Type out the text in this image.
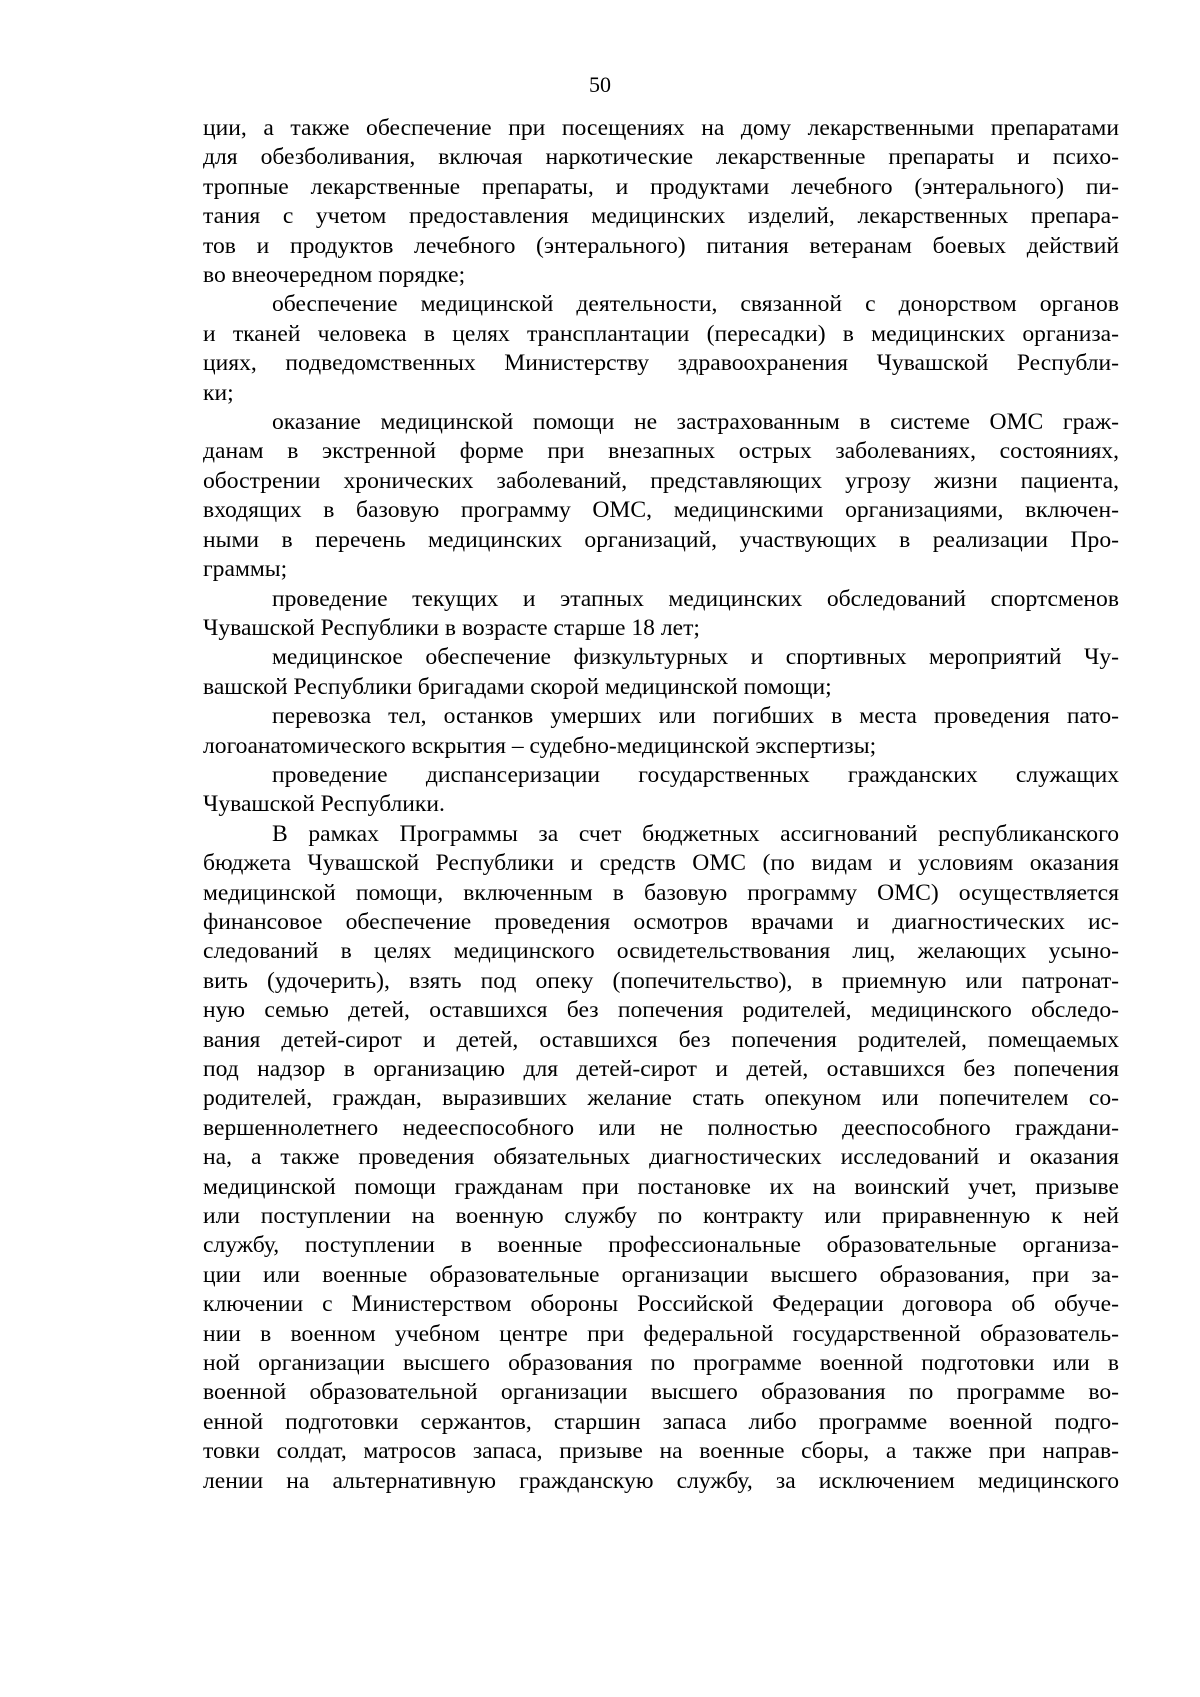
50
ции, а также обеспечение при посещениях на дому лекарственными препаратами
для обезболивания, включая наркотические лекарственные препараты и психо-
тропные лекарственные препараты, и продуктами лечебного (энтерального) пи-
тания с учетом предоставления медицинских изделий, лекарственных препара-
тов и продуктов лечебного (энтерального) питания ветеранам боевых действий
во внеочередном порядке;
обеспечение медицинской деятельности, связанной с донорством органов
и тканей человека в целях трансплантации (пересадки) в медицинских организа-
циях, подведомственных Министерству здравоохранения Чувашской Республи-
ки;
оказание медицинской помощи не застрахованным в системе ОМС граж-
данам в экстренной форме при внезапных острых заболеваниях, состояниях,
обострении хронических заболеваний, представляющих угрозу жизни пациента,
входящих в базовую программу ОМС, медицинскими организациями, включен-
ными в перечень медицинских организаций, участвующих в реализации Про-
граммы;
проведение текущих и этапных медицинских обследований спортсменов
Чувашской Республики в возрасте старше 18 лет;
медицинское обеспечение физкультурных и спортивных мероприятий Чу-
вашской Республики бригадами скорой медицинской помощи;
перевозка тел, останков умерших или погибших в места проведения пато-
логоанатомического вскрытия – судебно-медицинской экспертизы;
проведение диспансеризации государственных гражданских служащих
Чувашской Республики.
В рамках Программы за счет бюджетных ассигнований республиканского
бюджета Чувашской Республики и средств ОМС (по видам и условиям оказания
медицинской помощи, включенным в базовую программу ОМС) осуществляется
финансовое обеспечение проведения осмотров врачами и диагностических ис-
следований в целях медицинского освидетельствования лиц, желающих усыно-
вить (удочерить), взять под опеку (попечительство), в приемную или патронат-
ную семью детей, оставшихся без попечения родителей, медицинского обследо-
вания детей-сирот и детей, оставшихся без попечения родителей, помещаемых
под надзор в организацию для детей-сирот и детей, оставшихся без попечения
родителей, граждан, выразивших желание стать опекуном или попечителем со-
вершеннолетнего недееспособного или не полностью дееспособного граждани-
на, а также проведения обязательных диагностических исследований и оказания
медицинской помощи гражданам при постановке их на воинский учет, призыве
или поступлении на военную службу по контракту или приравненную к ней
службу, поступлении в военные профессиональные образовательные организа-
ции или военные образовательные организации высшего образования, при за-
ключении с Министерством обороны Российской Федерации договора об обуче-
нии в военном учебном центре при федеральной государственной образователь-
ной организации высшего образования по программе военной подготовки или в
военной образовательной организации высшего образования по программе во-
енной подготовки сержантов, старшин запаса либо программе военной подго-
товки солдат, матросов запаса, призыве на военные сборы, а также при направ-
лении на альтернативную гражданскую службу, за исключением медицинского
